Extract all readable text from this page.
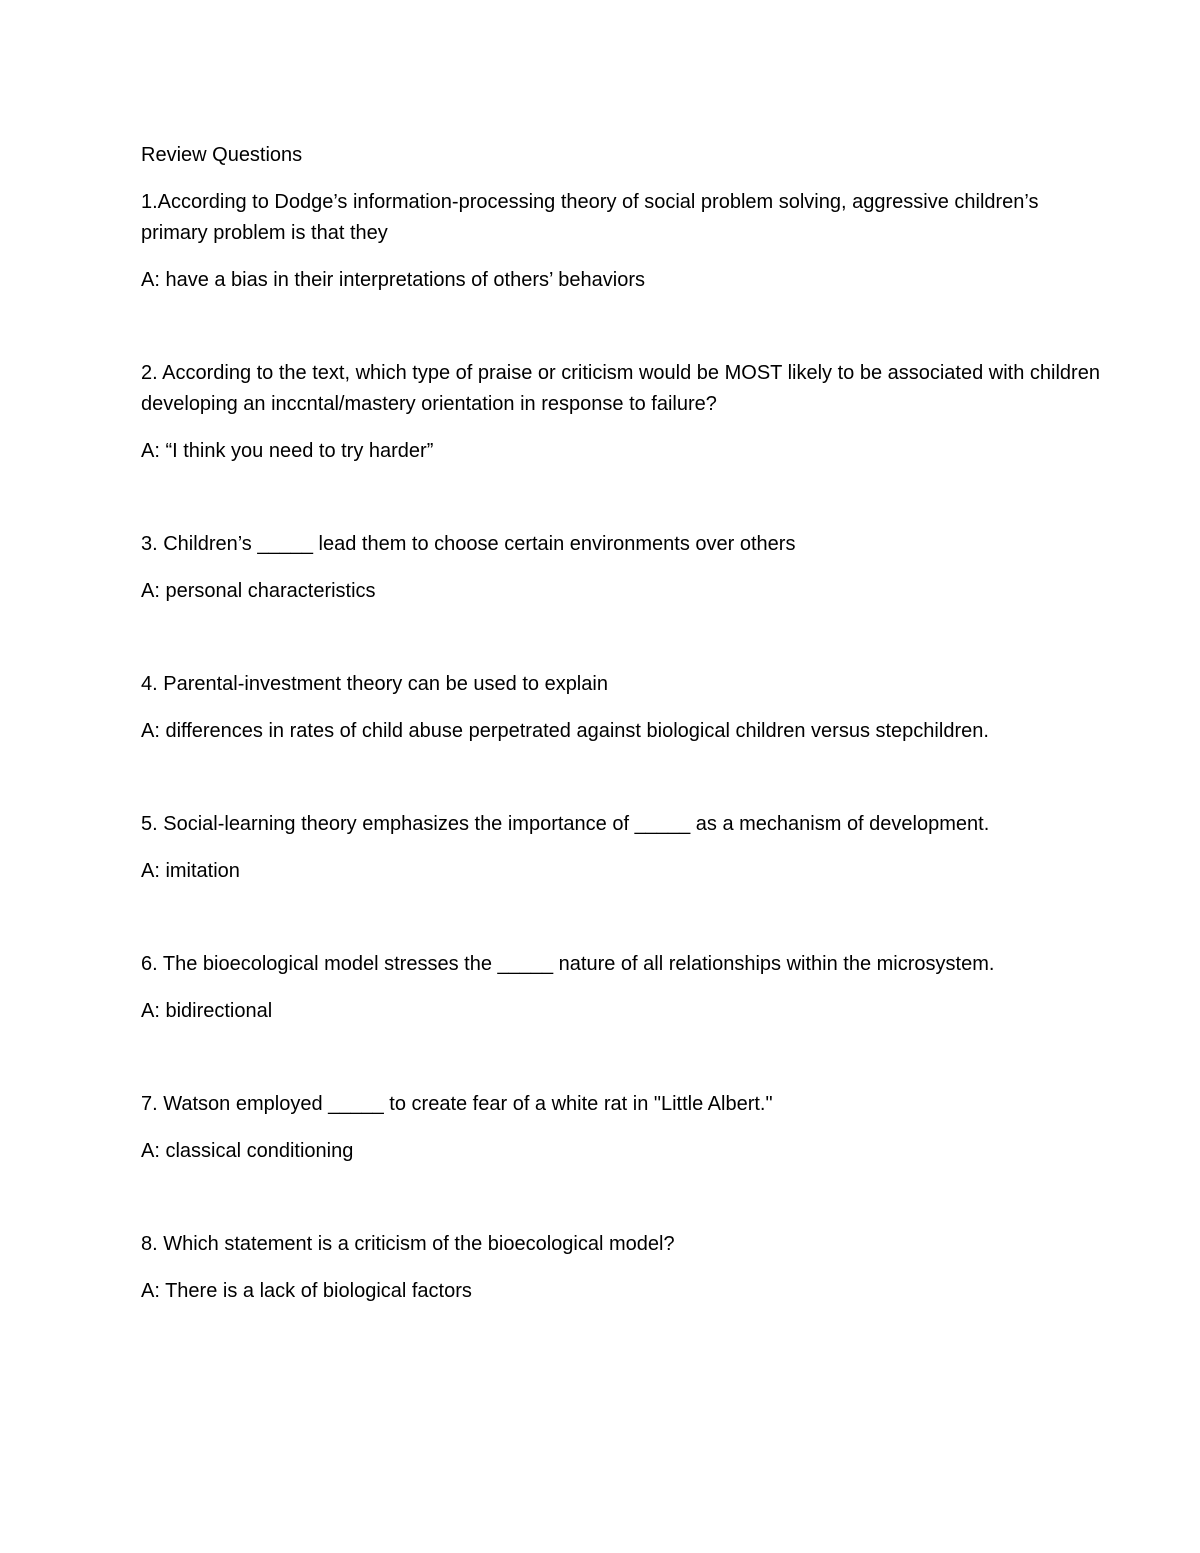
Review Questions
1.According to Dodge’s information-processing theory of social problem solving, aggressive children’s primary problem is that they
A: have a bias in their interpretations of others’ behaviors
2. According to the text, which type of praise or criticism would be MOST likely to be associated with children developing an inccntal/mastery orientation in response to failure?
A: “I think you need to try harder”
3. Children’s _____ lead them to choose certain environments over others
A: personal characteristics
4. Parental-investment theory can be used to explain
A: differences in rates of child abuse perpetrated against biological children versus stepchildren.
5. Social-learning theory emphasizes the importance of _____ as a mechanism of development.
A: imitation
6. The bioecological model stresses the _____ nature of all relationships within the microsystem.
A: bidirectional
7. Watson employed _____ to create fear of a white rat in "Little Albert."
A: classical conditioning
8. Which statement is a criticism of the bioecological model?
A: There is a lack of biological factors
